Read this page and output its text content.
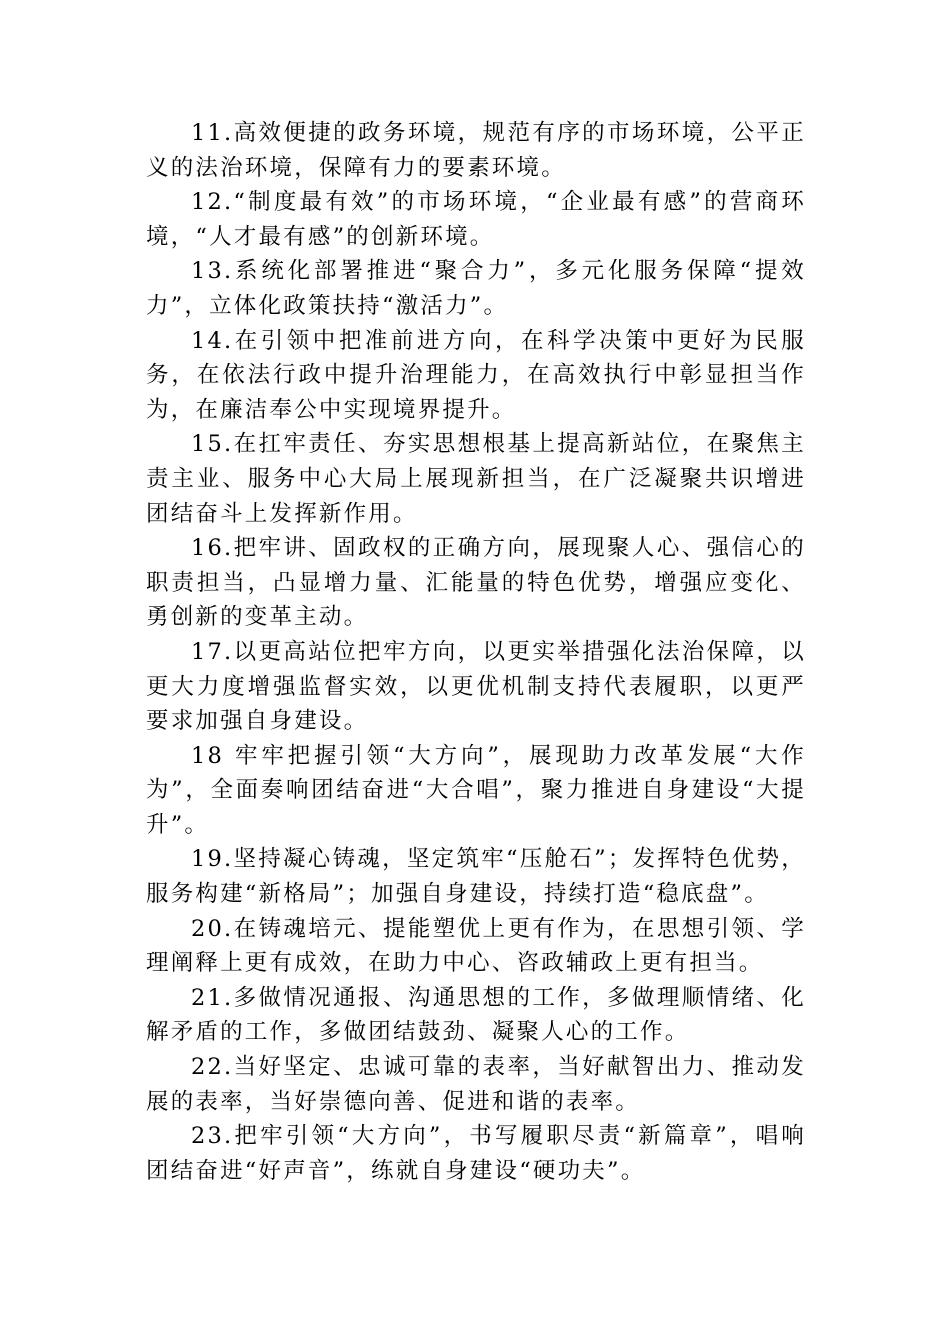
11.高效便捷的政务环境，规范有序的市场环境，公平正义的法治环境，保障有力的要素环境。

12.“制度最有效”的市场环境，“企业最有感”的营商环境，“人才最有感”的创新环境。

13.系统化部署推进“聚合力”，多元化服务保障“提效力”，立体化政策扶持“激活力”。

14.在引领中把准前进方向，在科学决策中更好为民服务，在依法行政中提升治理能力，在高效执行中彰显担当作为，在廉洁奉公中实现境界提升。

15.在扛牢责任、夯实思想根基上提高新站位，在聚焦主责主业、服务中心大局上展现新担当，在广泛凝聚共识增进团结奋斗上发挥新作用。

16.把牢讲、固政权的正确方向，展现聚人心、强信心的职责担当，凸显增力量、汇能量的特色优势，增强应变化、勇创新的变革主动。

17.以更高站位把牢方向，以更实举措强化法治保障，以更大力度增强监督实效，以更优机制支持代表履职，以更严要求加强自身建设。

18 牢牢把握引领“大方向”，展现助力改革发展“大作为”，全面奏响团结奋进“大合唱”，聚力推进自身建设“大提升”。

19.坚持凝心铸魂，坚定筑牢“压舱石”；发挥特色优势，服务构建“新格局”；加强自身建设，持续打造“稳底盘”。

20.在铸魂培元、提能塑优上更有作为，在思想引领、学理阐释上更有成效，在助力中心、咨政辅政上更有担当。

21.多做情况通报、沟通思想的工作，多做理顺情绪、化解矛盾的工作，多做团结鼓劲、凝聚人心的工作。

22.当好坚定、忠诚可靠的表率，当好献智出力、推动发展的表率，当好崇德向善、促进和谐的表率。

23.把牢引领“大方向”，书写履职尽责“新篇章”，唱响团结奋进“好声音”，练就自身建设“硬功夫”。
